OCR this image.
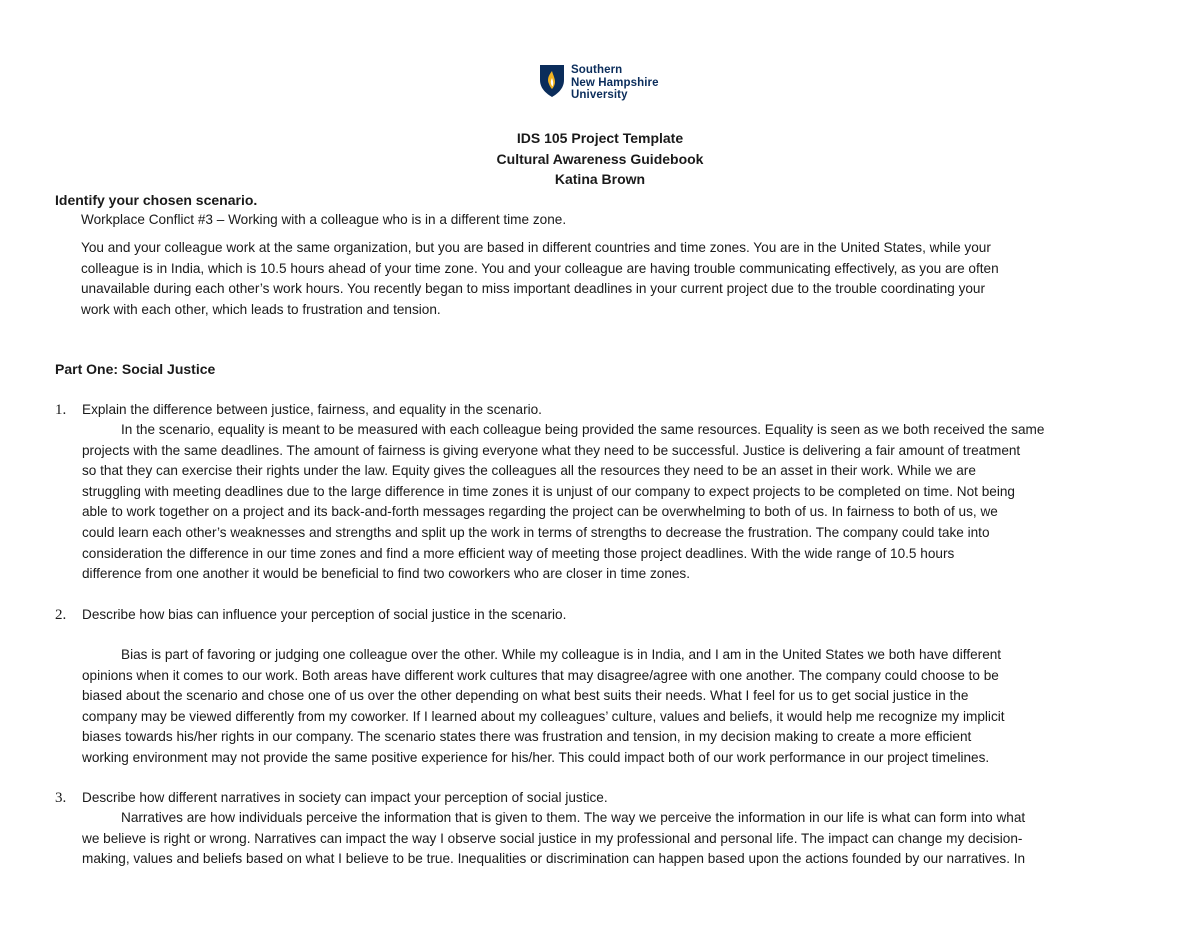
Southern
New Hampshire
University
IDS 105 Project Template
Cultural Awareness Guidebook
Katina Brown
Identify your chosen scenario.
Workplace Conflict #3 – Working with a colleague who is in a different time zone.
You and your colleague work at the same organization, but you are based in different countries and time zones. You are in the United States, while your
colleague is in India, which is 10.5 hours ahead of your time zone. You and your colleague are having trouble communicating effectively, as you are often
unavailable during each other’s work hours. You recently began to miss important deadlines in your current project due to the trouble coordinating your
work with each other, which leads to frustration and tension.
Part One: Social Justice
1. Explain the difference between justice, fairness, and equality in the scenario.
In the scenario, equality is meant to be measured with each colleague being provided the same resources. Equality is seen as we both received the same
projects with the same deadlines. The amount of fairness is giving everyone what they need to be successful. Justice is delivering a fair amount of treatment
so that they can exercise their rights under the law. Equity gives the colleagues all the resources they need to be an asset in their work. While we are
struggling with meeting deadlines due to the large difference in time zones it is unjust of our company to expect projects to be completed on time. Not being
able to work together on a project and its back-and-forth messages regarding the project can be overwhelming to both of us. In fairness to both of us, we
could learn each other’s weaknesses and strengths and split up the work in terms of strengths to decrease the frustration. The company could take into
consideration the difference in our time zones and find a more efficient way of meeting those project deadlines. With the wide range of 10.5 hours
difference from one another it would be beneficial to find two coworkers who are closer in time zones.
2. Describe how bias can influence your perception of social justice in the scenario.
Bias is part of favoring or judging one colleague over the other. While my colleague is in India, and I am in the United States we both have different
opinions when it comes to our work. Both areas have different work cultures that may disagree/agree with one another. The company could choose to be
biased about the scenario and chose one of us over the other depending on what best suits their needs. What I feel for us to get social justice in the
company may be viewed differently from my coworker. If I learned about my colleagues’ culture, values and beliefs, it would help me recognize my implicit
biases towards his/her rights in our company. The scenario states there was frustration and tension, in my decision making to create a more efficient
working environment may not provide the same positive experience for his/her. This could impact both of our work performance in our project timelines.
3. Describe how different narratives in society can impact your perception of social justice.
Narratives are how individuals perceive the information that is given to them. The way we perceive the information in our life is what can form into what
we believe is right or wrong. Narratives can impact the way I observe social justice in my professional and personal life. The impact can change my decision-
making, values and beliefs based on what I believe to be true. Inequalities or discrimination can happen based upon the actions founded by our narratives. In
